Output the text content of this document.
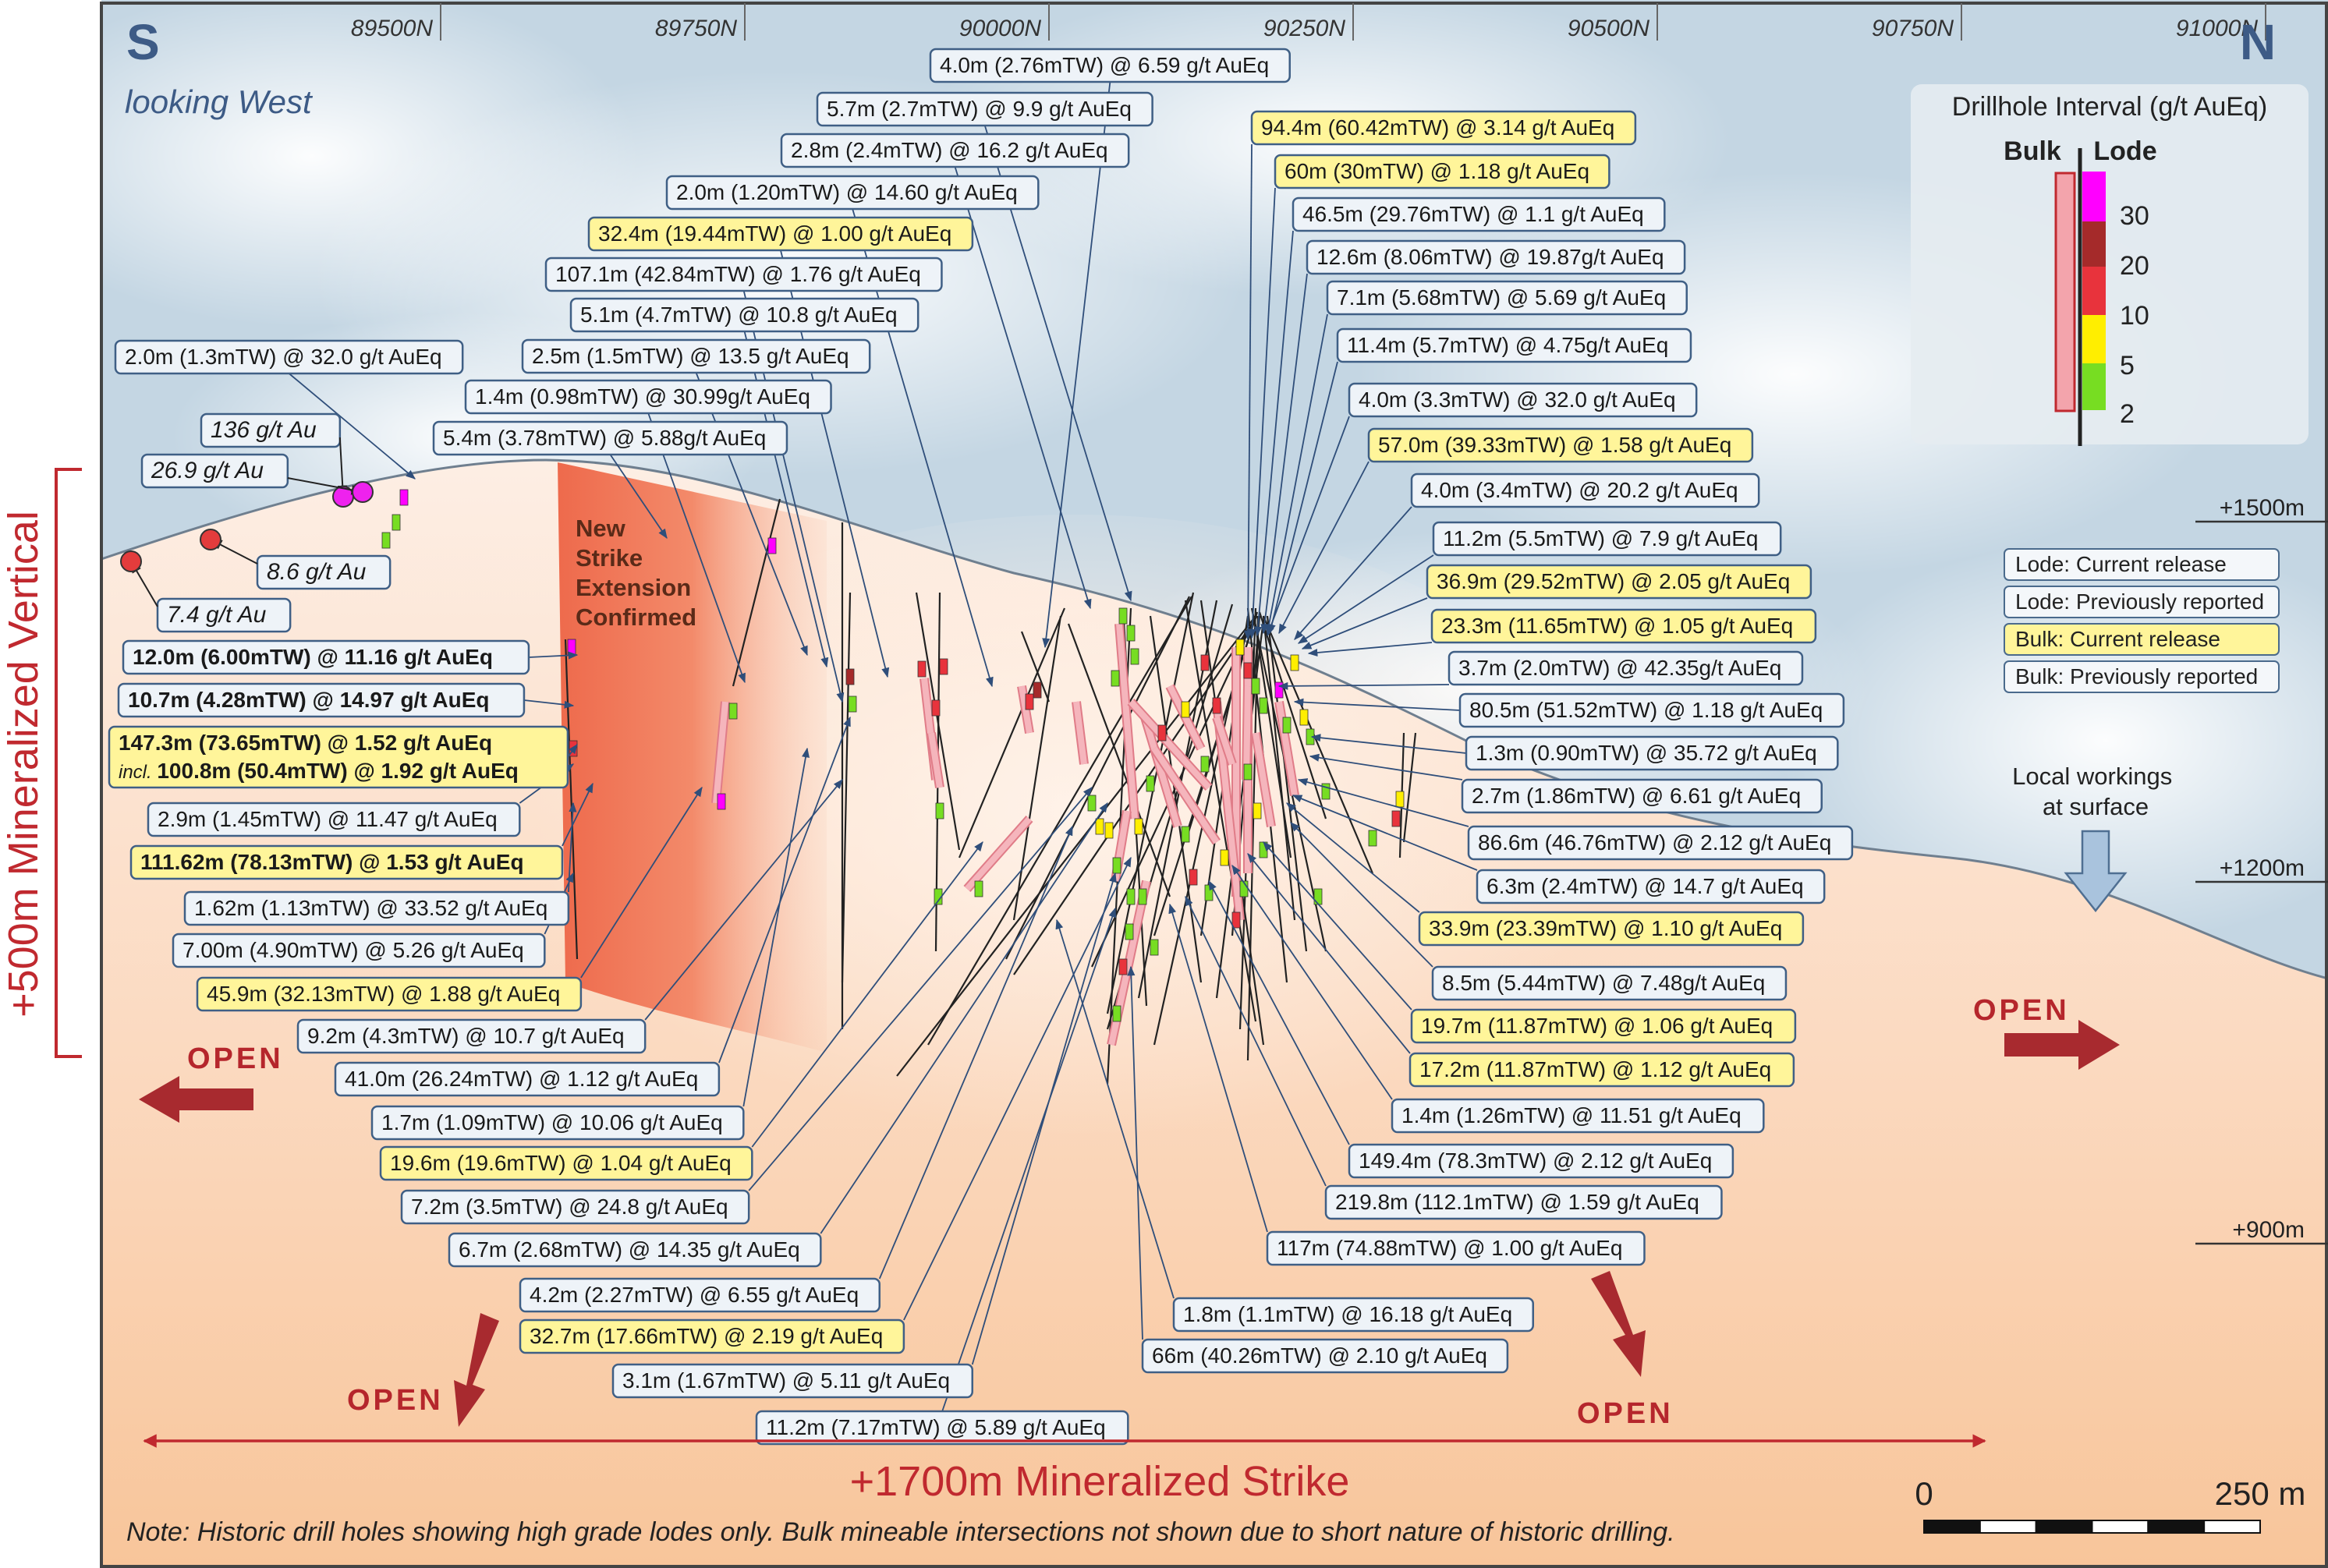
89500N	89750N	90000N	90250N	90500N	90750N	91000N
+1500m
+1200m
+900m
4.0m (2.76mTW) @ 6.59 g/t AuEq
5.7m (2.7mTW) @ 9.9 g/t AuEq
2.8m (2.4mTW) @ 16.2 g/t AuEq
2.0m (1.20mTW) @ 14.60 g/t AuEq
32.4m (19.44mTW) @ 1.00 g/t AuEq
107.1m (42.84mTW) @ 1.76 g/t AuEq
5.1m (4.7mTW) @ 10.8 g/t AuEq
2.5m (1.5mTW) @ 13.5 g/t AuEq
1.4m (0.98mTW) @ 30.99g/t AuEq
5.4m (3.78mTW) @ 5.88g/t AuEq
2.0m (1.3mTW) @ 32.0 g/t AuEq
94.4m (60.42mTW) @ 3.14 g/t AuEq
60m (30mTW) @ 1.18 g/t AuEq
46.5m (29.76mTW) @ 1.1 g/t AuEq
12.6m (8.06mTW) @ 19.87g/t AuEq
7.1m (5.68mTW) @ 5.69 g/t AuEq
11.4m (5.7mTW) @ 4.75g/t AuEq
4.0m (3.3mTW) @ 32.0 g/t AuEq
57.0m (39.33mTW) @ 1.58 g/t AuEq
4.0m (3.4mTW) @ 20.2 g/t AuEq
11.2m (5.5mTW) @ 7.9 g/t AuEq
36.9m (29.52mTW) @ 2.05 g/t AuEq
23.3m (11.65mTW) @ 1.05 g/t AuEq
3.7m (2.0mTW) @ 42.35g/t AuEq
80.5m (51.52mTW) @ 1.18 g/t AuEq
1.3m (0.90mTW) @ 35.72 g/t AuEq
2.7m (1.86mTW) @ 6.61 g/t AuEq
86.6m (46.76mTW) @ 2.12 g/t AuEq
6.3m (2.4mTW) @ 14.7 g/t AuEq
33.9m (23.39mTW) @ 1.10 g/t AuEq
8.5m (5.44mTW) @ 7.48g/t AuEq
19.7m (11.87mTW) @ 1.06 g/t AuEq
17.2m (11.87mTW) @ 1.12 g/t AuEq
1.4m (1.26mTW) @ 11.51 g/t AuEq
149.4m (78.3mTW) @ 2.12 g/t AuEq
219.8m (112.1mTW) @ 1.59 g/t AuEq
117m (74.88mTW) @ 1.00 g/t AuEq
12.0m (6.00mTW) @ 11.16 g/t AuEq
10.7m (4.28mTW) @ 14.97 g/t AuEq
147.3m (73.65mTW) @ 1.52 g/t AuEq
incl. 100.8m (50.4mTW) @ 1.92 g/t AuEq
2.9m (1.45mTW) @ 11.47 g/t AuEq
111.62m (78.13mTW) @ 1.53 g/t AuEq
1.62m (1.13mTW) @ 33.52 g/t AuEq
7.00m (4.90mTW) @ 5.26 g/t AuEq
45.9m (32.13mTW) @ 1.88 g/t AuEq
9.2m (4.3mTW) @ 10.7 g/t AuEq
41.0m (26.24mTW) @ 1.12 g/t AuEq
1.7m (1.09mTW) @ 10.06 g/t AuEq
19.6m (19.6mTW) @ 1.04 g/t AuEq
7.2m (3.5mTW) @ 24.8 g/t AuEq
6.7m (2.68mTW) @ 14.35 g/t AuEq
4.2m (2.27mTW) @ 6.55 g/t AuEq
32.7m (17.66mTW) @ 2.19 g/t AuEq
3.1m (1.67mTW) @ 5.11 g/t AuEq
11.2m (7.17mTW) @ 5.89 g/t AuEq
1.8m (1.1mTW) @ 16.18 g/t AuEq
66m (40.26mTW) @ 2.10 g/t AuEq
136 g/t Au
26.9 g/t Au
8.6 g/t Au
7.4 g/t Au
S	N
looking West
New Strike Extension Confirmed
Local workings at surface
+500m Mineralized Vertical
+1700m Mineralized Strike
OPEN
OPEN
OPEN	OPEN
Note: Historic drill holes showing high grade lodes only. Bulk mineable intersections not shown due to short nature of historic drilling.
0	250 m
Drillhole Interval (g/t AuEq)
Bulk Lode
30
20
10
5
2
Lode: Current release
Lode: Previously reported
Bulk: Current release
Bulk: Previously reported
